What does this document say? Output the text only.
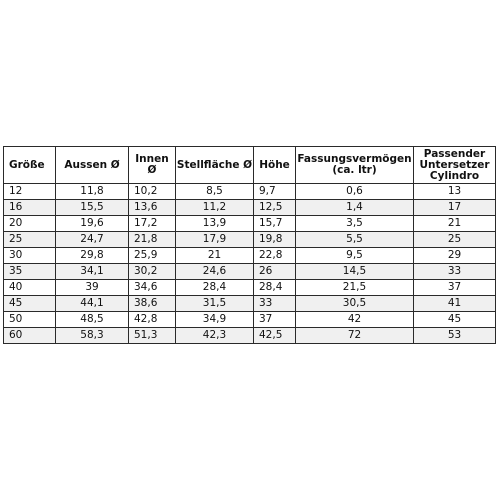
Größe	Aussen Ø	Innen Ø	Stellfläche Ø	Höhe	Fassungsvermögen (ca. ltr)	Passender Untersetzer Cylindro
12	11,8	10,2	8,5	9,7	0,6	13
16	15,5	13,6	11,2	12,5	1,4	17
20	19,6	17,2	13,9	15,7	3,5	21
25	24,7	21,8	17,9	19,8	5,5	25
30	29,8	25,9	21	22,8	9,5	29
35	34,1	30,2	24,6	26	14,5	33
40	39	34,6	28,4	28,4	21,5	37
45	44,1	38,6	31,5	33	30,5	41
50	48,5	42,8	34,9	37	42	45
60	58,3	51,3	42,3	42,5	72	53
